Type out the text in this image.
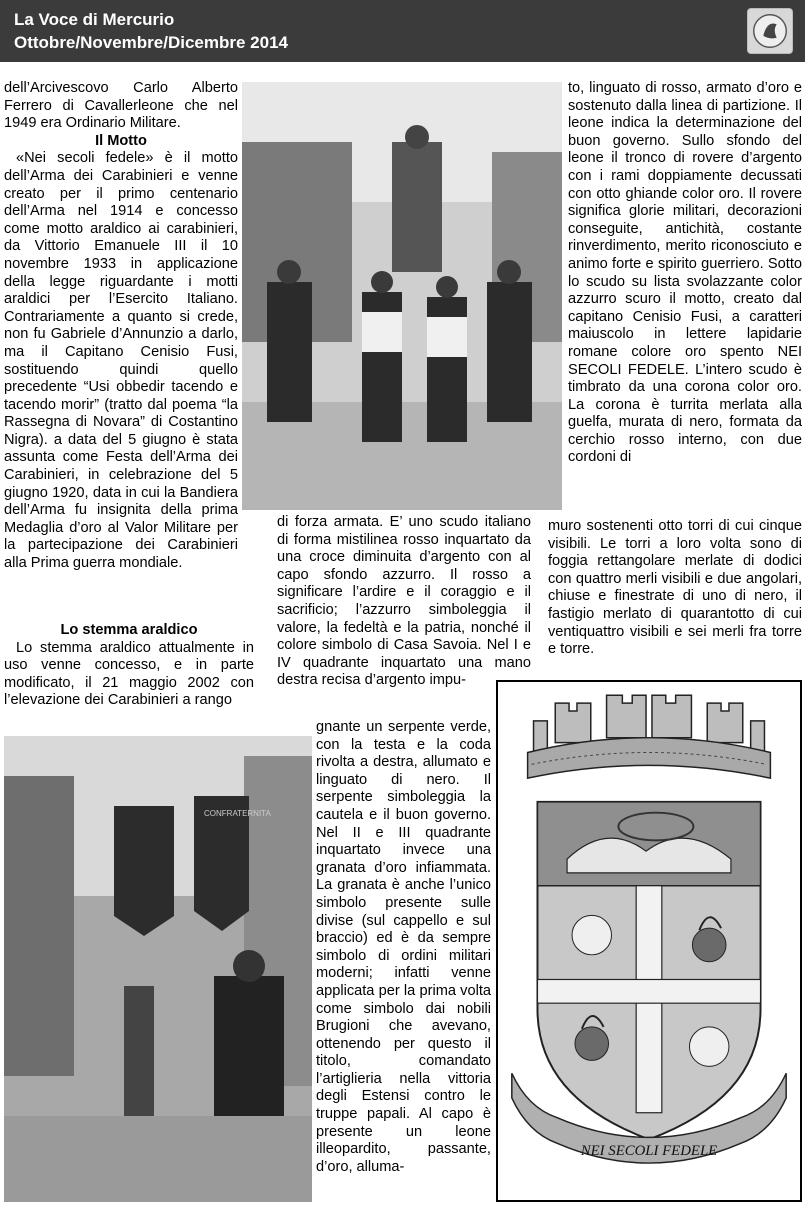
La Voce di Mercurio
Ottobre/Novembre/Dicembre 2014

dell’Arcivescovo Carlo Alberto Ferrero di Cavallerleone che nel 1949 era Ordinario Militare.

Il Motto

«Nei secoli fedele» è il motto dell’Arma dei Carabinieri e venne creato per il primo centenario dell’Arma nel 1914 e concesso come motto araldico ai carabinieri, da Vittorio Emanuele III il 10 novembre 1933 in applicazione della legge riguardante i motti araldici per l’Esercito Italiano. Contrariamente a quanto si crede, non fu Gabriele d’Annunzio a darlo, ma il Capitano Cenisio Fusi, sostituendo quindi quello precedente “Usi obbedir tacendo e tacendo morir” (tratto dal poema “la Rassegna di Novara” di Costantino Nigra). a data del 5 giugno è stata assunta come Festa dell’Arma dei Carabinieri, in celebrazione del 5 giugno 1920, data in cui la Bandiera dell’Arma fu insignita della prima Medaglia d’oro al Valor Militare per la partecipazione dei Carabinieri alla Prima guerra mondiale.

Lo stemma araldico

Lo stemma araldico attualmente in uso venne concesso, e in parte modificato, il 21 maggio 2002 con l’elevazione dei Carabinieri a rango

di forza armata. E’ uno scudo italiano di forma mistilinea rosso inquartato da una croce diminuita d’argento con al capo sfondo azzurro. Il rosso a significare l’ardire e il coraggio e il sacrificio; l’azzurro simboleggia il valore, la fedeltà e la patria, nonché il colore simbolo di Casa Savoia. Nel I e IV quadrante inquartato una mano destra recisa d’argento impu-

gnante un serpente verde, con la testa e la coda rivolta a destra, allumato e linguato di nero. Il serpente simboleggia la cautela e il buon governo. Nel II e III quadrante inquartato invece una granata d’oro infiammata. La granata è anche l’unico simbolo presente sulle divise (sul cappello e sul braccio) ed è da sempre simbolo di ordini militari moderni; infatti venne applicata per la prima volta come simbolo dai nobili Brugioni che avevano, ottenendo per questo il titolo, comandato l’artiglieria nella vittoria degli Estensi contro le truppe papali. Al capo è presente un leone illeopardito, passante, d’oro, alluma-

to, linguato di rosso, armato d’oro e sostenuto dalla linea di partizione. Il leone indica la determinazione del buon governo. Sullo sfondo del leone il tronco di rovere d’argento con i rami doppiamente decussati con otto ghiande color oro. Il rovere significa glorie militari, decorazioni conseguite, antichità, costante rinverdimento, merito riconosciuto e animo forte e spirito guerriero. Sotto lo scudo su lista svolazzante color azzurro scuro il motto, creato dal capitano Cenisio Fusi, a caratteri maiuscolo in lettere lapidarie romane colore oro spento NEI SECOLI FEDELE. L’intero scudo è timbrato da una corona color oro. La corona è turrita merlata alla guelfa, murata di nero, formata da cerchio rosso interno, con due cordoni di

muro sostenenti otto torri di cui cinque visibili. Le torri a loro volta sono di foggia rettangolare merlate di dodici con quattro merli visibili e due angolari, chiuse e finestrate di uno di nero, il fastigio merlato di quarantotto di cui ventiquattro visibili e sei merli fra torre e torre.

CONFRATERNITA
NEI SECOLI FEDELE
